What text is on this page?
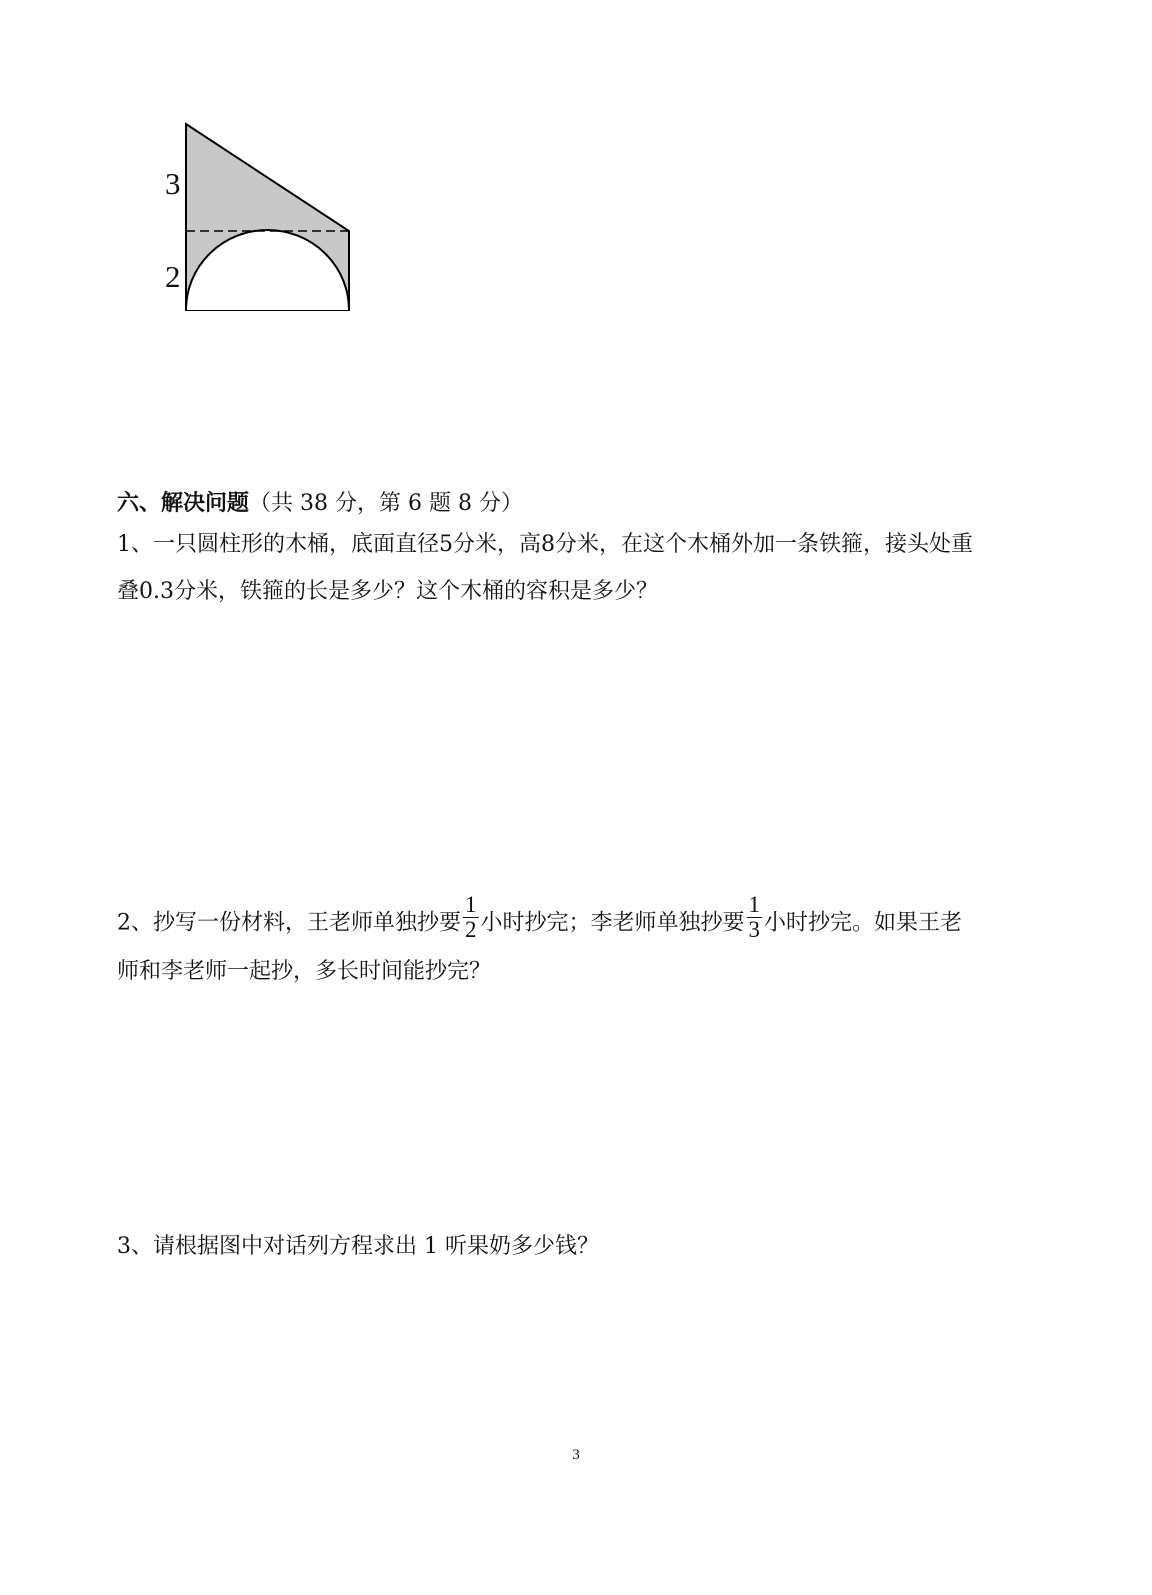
3
2
六、解决问题（共 38 分，第 6 题 8 分）
1、一只圆柱形的木桶，底面直径5分米，高8分米，在这个木桶外加一条铁箍，接头处重
叠0.3分米，铁箍的长是多少？这个木桶的容积是多少？
2、抄写一份材料，王老师单独抄要 $\frac{1}{2}$ 小时抄完；李老师单独抄要 $\frac{1}{3}$ 小时抄完。如果王老
师和李老师一起抄，多长时间能抄完？
3、请根据图中对话列方程求出 1 听果奶多少钱？
3
